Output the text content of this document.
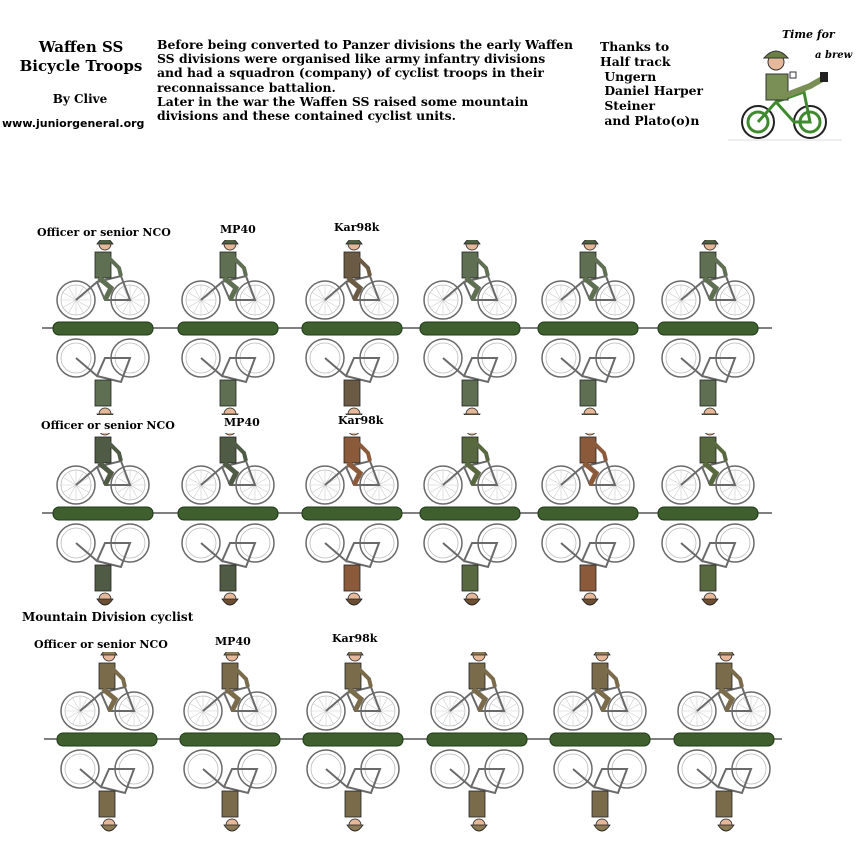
Waffen SS
Bicycle Troops
By Clive
www.juniorgeneral.org
Before being converted to Panzer divisions the early Waffen
SS divisions were organised like army infantry divisions
and had a squadron (company) of cyclist troops in their
reconnaissance battalion.
Later in the war the Waffen SS raised some mountain
divisions and these contained cyclist units.
Thanks to
Half track
Ungern
Daniel Harper
Steiner
and Plato(o)n
Time for
a brew
Officer or senior NCO	MP40	Kar98k
Officer or senior NCO	MP40	Kar98k
Mountain Division cyclist
Officer or senior NCO	MP40	Kar98k
